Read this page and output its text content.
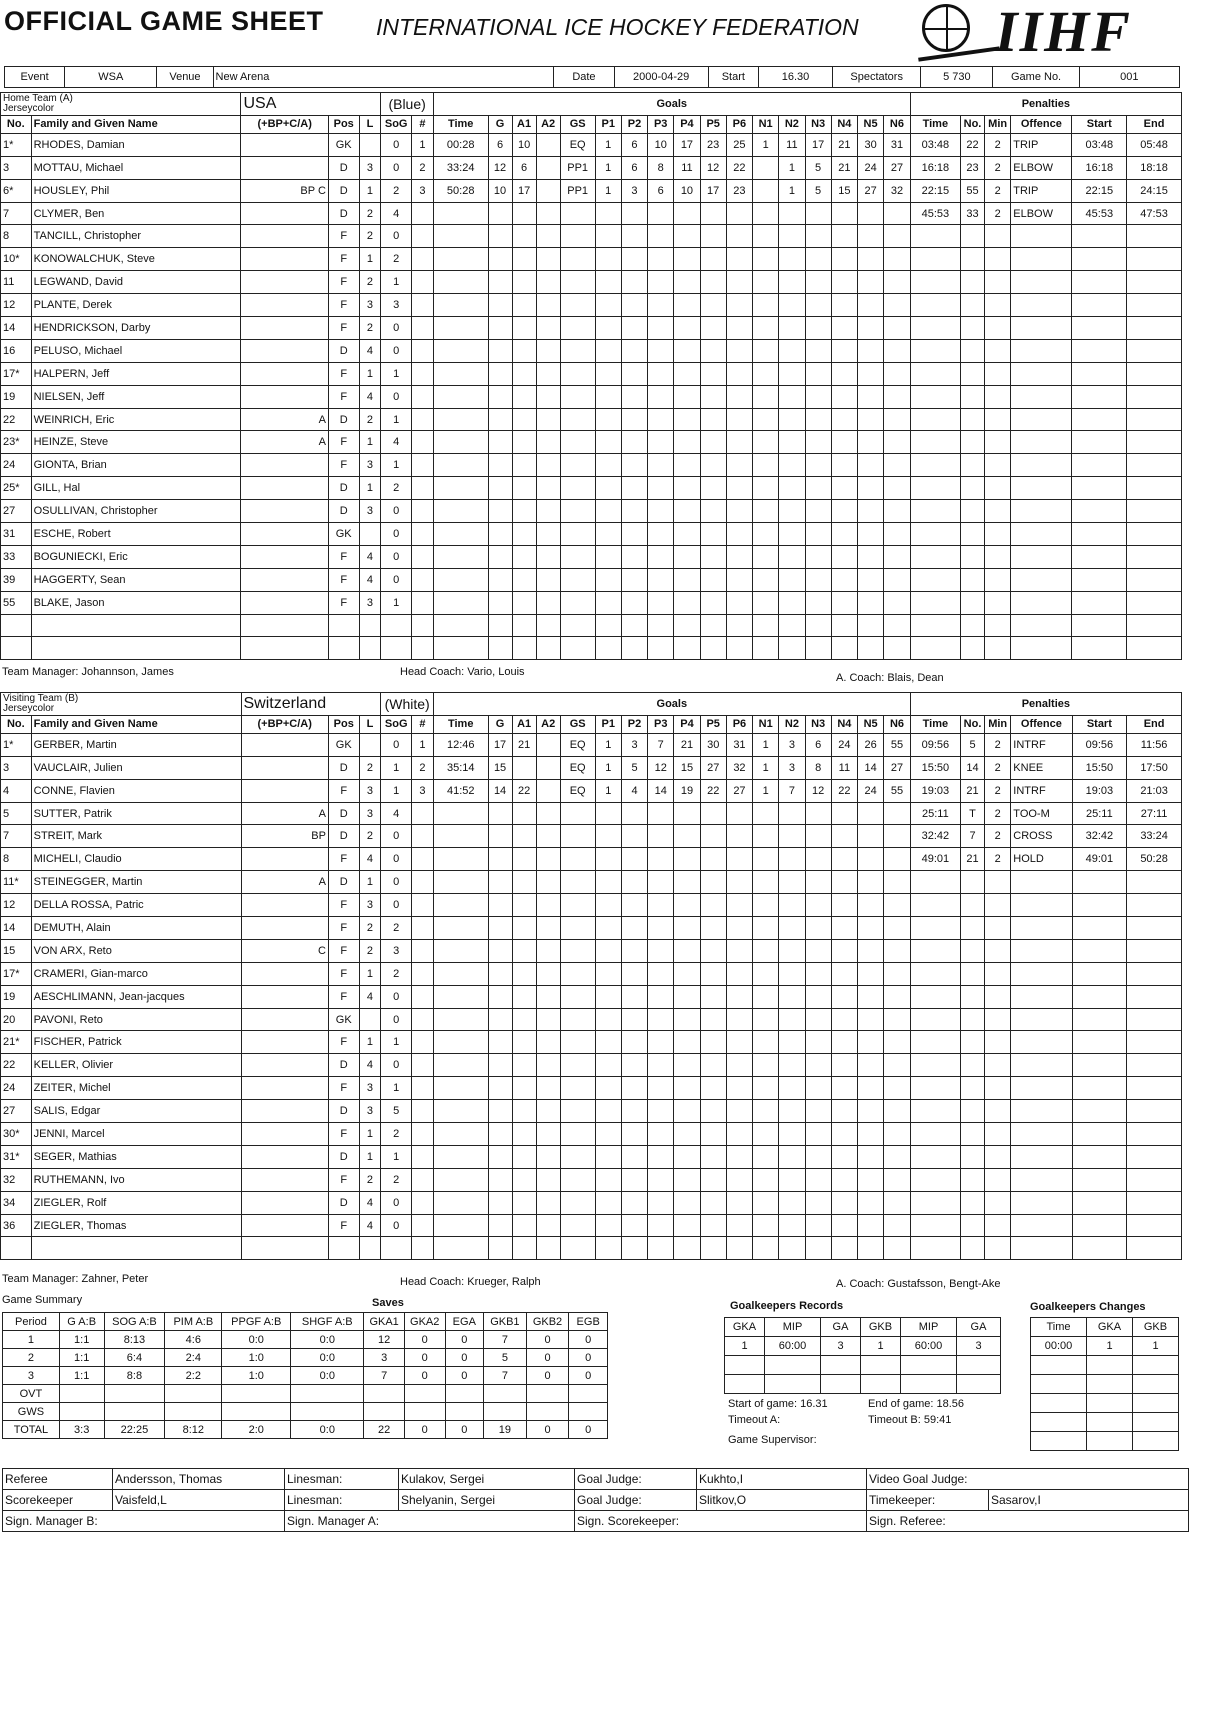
OFFICIAL GAME SHEET INTERNATIONAL ICE HOCKEY FEDERATION IIHF
Event	WSA	Venue	New Arena	Date	2000-04-29	Start	16.30	Spectators	5 730	Game No.	001
Home Team (A)
Jerseycolor		USA			(Blue)		Goals																	Penalties					
No.	Family and Given Name	(+BP+C/A)	Pos	L	SoG	#	Time	G	A1	A2	GS	P1	P2	P3	P4	P5	P6	N1	N2	N3	N4	N5	N6	Time	No.	Min	Offence	Start	End
1*	RHODES, Damian		GK		0	1	00:28	6	10		EQ	1	6	10	17	23	25	1	11	17	21	30	31	03:48	22	2	TRIP	03:48	05:48
3	MOTTAU, Michael		D	3	0	2	33:24	12	6		PP1	1	6	8	11	12	22		1	5	21	24	27	16:18	23	2	ELBOW	16:18	18:18
6*	HOUSLEY, Phil	BP C	D	1	2	3	50:28	10	17		PP1	1	3	6	10	17	23		1	5	15	27	32	22:15	55	2	TRIP	22:15	24:15
7	CLYMER, Ben		D	2	4																			45:53	33	2	ELBOW	45:53	47:53
8	TANCILL, Christopher		F	2	0																								
10*	KONOWALCHUK, Steve		F	1	2																								
11	LEGWAND, David		F	2	1																								
12	PLANTE, Derek		F	3	3																								
14	HENDRICKSON, Darby		F	2	0																								
16	PELUSO, Michael		D	4	0																								
17*	HALPERN, Jeff		F	1	1																								
19	NIELSEN, Jeff		F	4	0																								
22	WEINRICH, Eric	A	D	2	1																								
23*	HEINZE, Steve	A	F	1	4																								
24	GIONTA, Brian		F	3	1																								
25*	GILL, Hal		D	1	2																								
27	OSULLIVAN, Christopher		D	3	0																								
31	ESCHE, Robert		GK		0																								
33	BOGUNIECKI, Eric		F	4	0																								
39	HAGGERTY, Sean		F	4	0																								
55	BLAKE, Jason		F	3	1																								

Team Manager: Johannson, James	Head Coach: Vario, Louis	A. Coach: Blais, Dean
Visiting Team (B)
Jerseycolor		Switzerland			(White)		Goals																	Penalties					
No.	Family and Given Name	(+BP+C/A)	Pos	L	SoG	#	Time	G	A1	A2	GS	P1	P2	P3	P4	P5	P6	N1	N2	N3	N4	N5	N6	Time	No.	Min	Offence	Start	End
1*	GERBER, Martin		GK		0	1	12:46	17	21		EQ	1	3	7	21	30	31	1	3	6	24	26	55	09:56	5	2	INTRF	09:56	11:56
3	VAUCLAIR, Julien		D	2	1	2	35:14	15			EQ	1	5	12	15	27	32	1	3	8	11	14	27	15:50	14	2	KNEE	15:50	17:50
4	CONNE, Flavien		F	3	1	3	41:52	14	22		EQ	1	4	14	19	22	27	1	7	12	22	24	55	19:03	21	2	INTRF	19:03	21:03
5	SUTTER, Patrik	A	D	3	4																			25:11	T	2	TOO-M	25:11	27:11
7	STREIT, Mark	BP	D	2	0																			32:42	7	2	CROSS	32:42	33:24
8	MICHELI, Claudio		F	4	0																			49:01	21	2	HOLD	49:01	50:28
11*	STEINEGGER, Martin	A	D	1	0																								
12	DELLA ROSSA, Patric		F	3	0																								
14	DEMUTH, Alain		F	2	2																								
15	VON ARX, Reto	C	F	2	3																								
17*	CRAMERI, Gian-marco		F	1	2																								
19	AESCHLIMANN, Jean-jacques		F	4	0																								
20	PAVONI, Reto		GK		0																								
21*	FISCHER, Patrick		F	1	1																								
22	KELLER, Olivier		D	4	0																								
24	ZEITER, Michel		F	3	1																								
27	SALIS, Edgar		D	3	5																								
30*	JENNI, Marcel		F	1	2																								
31*	SEGER, Mathias		D	1	1																								
32	RUTHEMANN, Ivo		F	2	2																								
34	ZIEGLER, Rolf		D	4	0																								
36	ZIEGLER, Thomas		F	4	0																								

Team Manager: Zahner, Peter	Head Coach: Krueger, Ralph	A. Coach: Gustafsson, Bengt-Ake
Game Summary	Saves
Period	G A:B	SOG A:B	PIM A:B	PPGF A:B	SHGF A:B	GKA1	GKA2	EGA	GKB1	GKB2	EGB
1	1:1	8:13	4:6	0:0	0:0	12	0	0	7	0	0
2	1:1	6:4	2:4	1:0	0:0	3	0	0	5	0	0
3	1:1	8:8	2:2	1:0	0:0	7	0	0	7	0	0
OVT											
GWS											
TOTAL	3:3	22:25	8:12	2:0	0:0	22	0	0	19	0	0
Goalkeepers Records
GKA	MIP	GA	GKB	MIP	GA
1	60:00	3	1	60:00	3

Start of game: 16.31	End of game: 18.56
Timeout A:	Timeout B: 59:41
Game Supervisor:
Goalkeepers Changes
Time	GKA	GKB
00:00	1	1

Referee	Andersson, Thomas	Linesman:	Kulakov, Sergei	Goal Judge:	Kukhto,I	Video Goal Judge:	
Scorekeeper	Vaisfeld,L	Linesman:	Shelyanin, Sergei	Goal Judge:	Slitkov,O	Timekeeper:	Sasarov,I
Sign. Manager B:		Sign. Manager A:		Sign. Scorekeeper:		Sign. Referee:	
